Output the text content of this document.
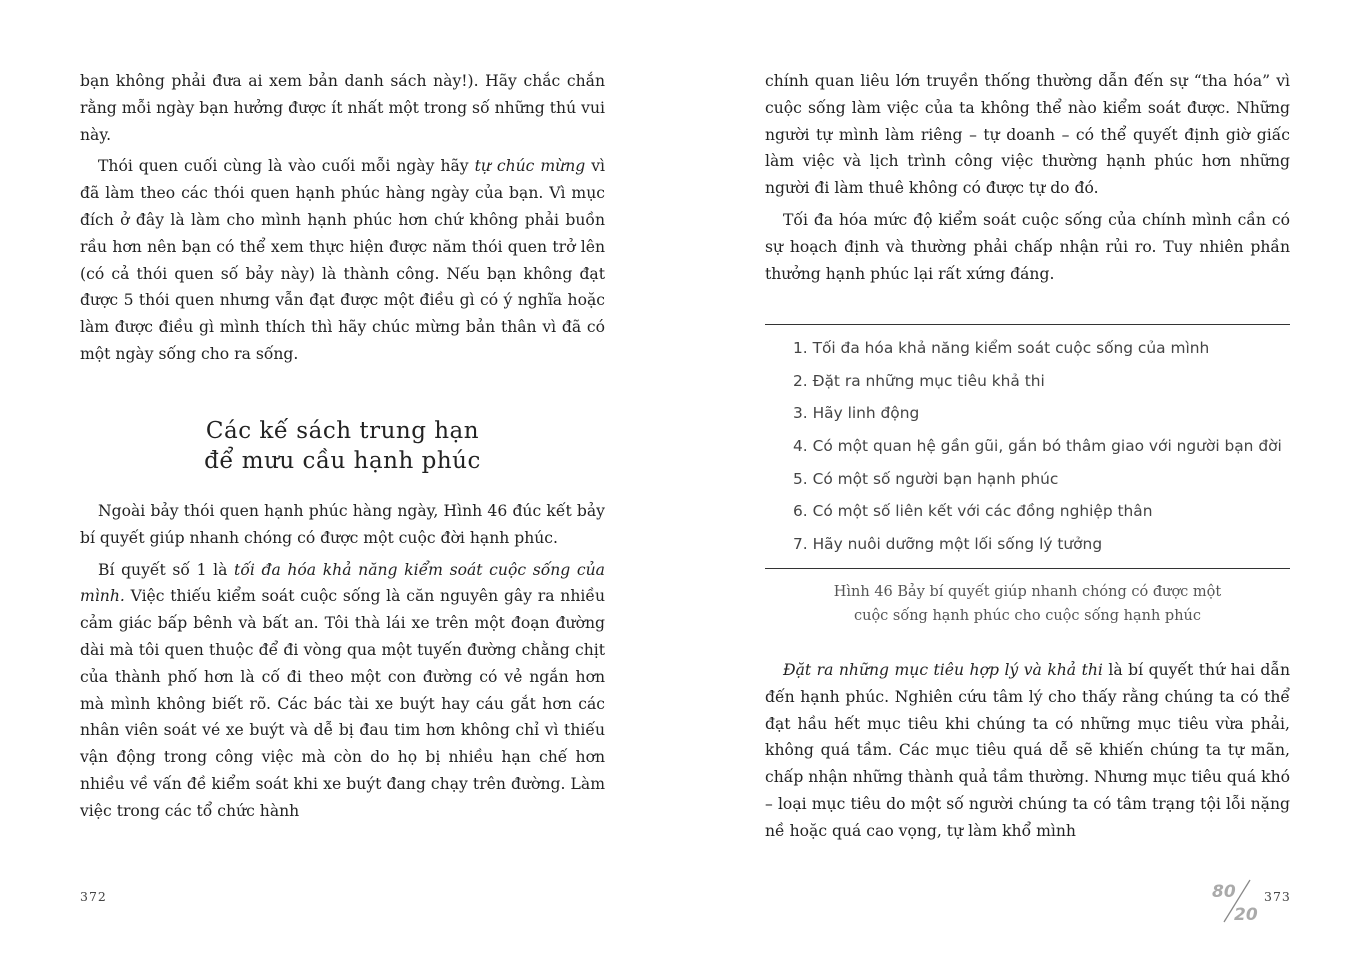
bạn không phải đưa ai xem bản danh sách này!). Hãy chắc chắn rằng mỗi ngày bạn hưởng được ít nhất một trong số những thú vui này.

Thói quen cuối cùng là vào cuối mỗi ngày hãy tự chúc mừng vì đã làm theo các thói quen hạnh phúc hàng ngày của bạn. Vì mục đích ở đây là làm cho mình hạnh phúc hơn chứ không phải buồn rầu hơn nên bạn có thể xem thực hiện được năm thói quen trở lên (có cả thói quen số bảy này) là thành công. Nếu bạn không đạt được 5 thói quen nhưng vẫn đạt được một điều gì có ý nghĩa hoặc làm được điều gì mình thích thì hãy chúc mừng bản thân vì đã có một ngày sống cho ra sống.

Các kế sách trung hạn
để mưu cầu hạnh phúc

Ngoài bảy thói quen hạnh phúc hàng ngày, Hình 46 đúc kết bảy bí quyết giúp nhanh chóng có được một cuộc đời hạnh phúc.

Bí quyết số 1 là tối đa hóa khả năng kiểm soát cuộc sống của mình. Việc thiếu kiểm soát cuộc sống là căn nguyên gây ra nhiều cảm giác bấp bênh và bất an. Tôi thà lái xe trên một đoạn đường dài mà tôi quen thuộc để đi vòng qua một tuyến đường chằng chịt của thành phố hơn là cố đi theo một con đường có vẻ ngắn hơn mà mình không biết rõ. Các bác tài xe buýt hay cáu gắt hơn các nhân viên soát vé xe buýt và dễ bị đau tim hơn không chỉ vì thiếu vận động trong công việc mà còn do họ bị nhiều hạn chế hơn nhiều về vấn đề kiểm soát khi xe buýt đang chạy trên đường. Làm việc trong các tổ chức hành

372

chính quan liêu lớn truyền thống thường dẫn đến sự “tha hóa” vì cuộc sống làm việc của ta không thể nào kiểm soát được. Những người tự mình làm riêng – tự doanh – có thể quyết định giờ giấc làm việc và lịch trình công việc thường hạnh phúc hơn những người đi làm thuê không có được tự do đó.

Tối đa hóa mức độ kiểm soát cuộc sống của chính mình cần có sự hoạch định và thường phải chấp nhận rủi ro. Tuy nhiên phần thưởng hạnh phúc lại rất xứng đáng.

1. Tối đa hóa khả năng kiểm soát cuộc sống của mình
2. Đặt ra những mục tiêu khả thi
3. Hãy linh động
4. Có một quan hệ gần gũi, gắn bó thâm giao với người bạn đời
5. Có một số người bạn hạnh phúc
6. Có một số liên kết với các đồng nghiệp thân
7. Hãy nuôi dưỡng một lối sống lý tưởng
Hình 46 Bảy bí quyết giúp nhanh chóng có được một
cuộc sống hạnh phúc cho cuộc sống hạnh phúc

Đặt ra những mục tiêu hợp lý và khả thi là bí quyết thứ hai dẫn đến hạnh phúc. Nghiên cứu tâm lý cho thấy rằng chúng ta có thể đạt hầu hết mục tiêu khi chúng ta có những mục tiêu vừa phải, không quá tầm. Các mục tiêu quá dễ sẽ khiến chúng ta tự mãn, chấp nhận những thành quả tầm thường. Nhưng mục tiêu quá khó – loại mục tiêu do một số người chúng ta có tâm trạng tội lỗi nặng nề hoặc quá cao vọng, tự làm khổ mình

373
80
20
